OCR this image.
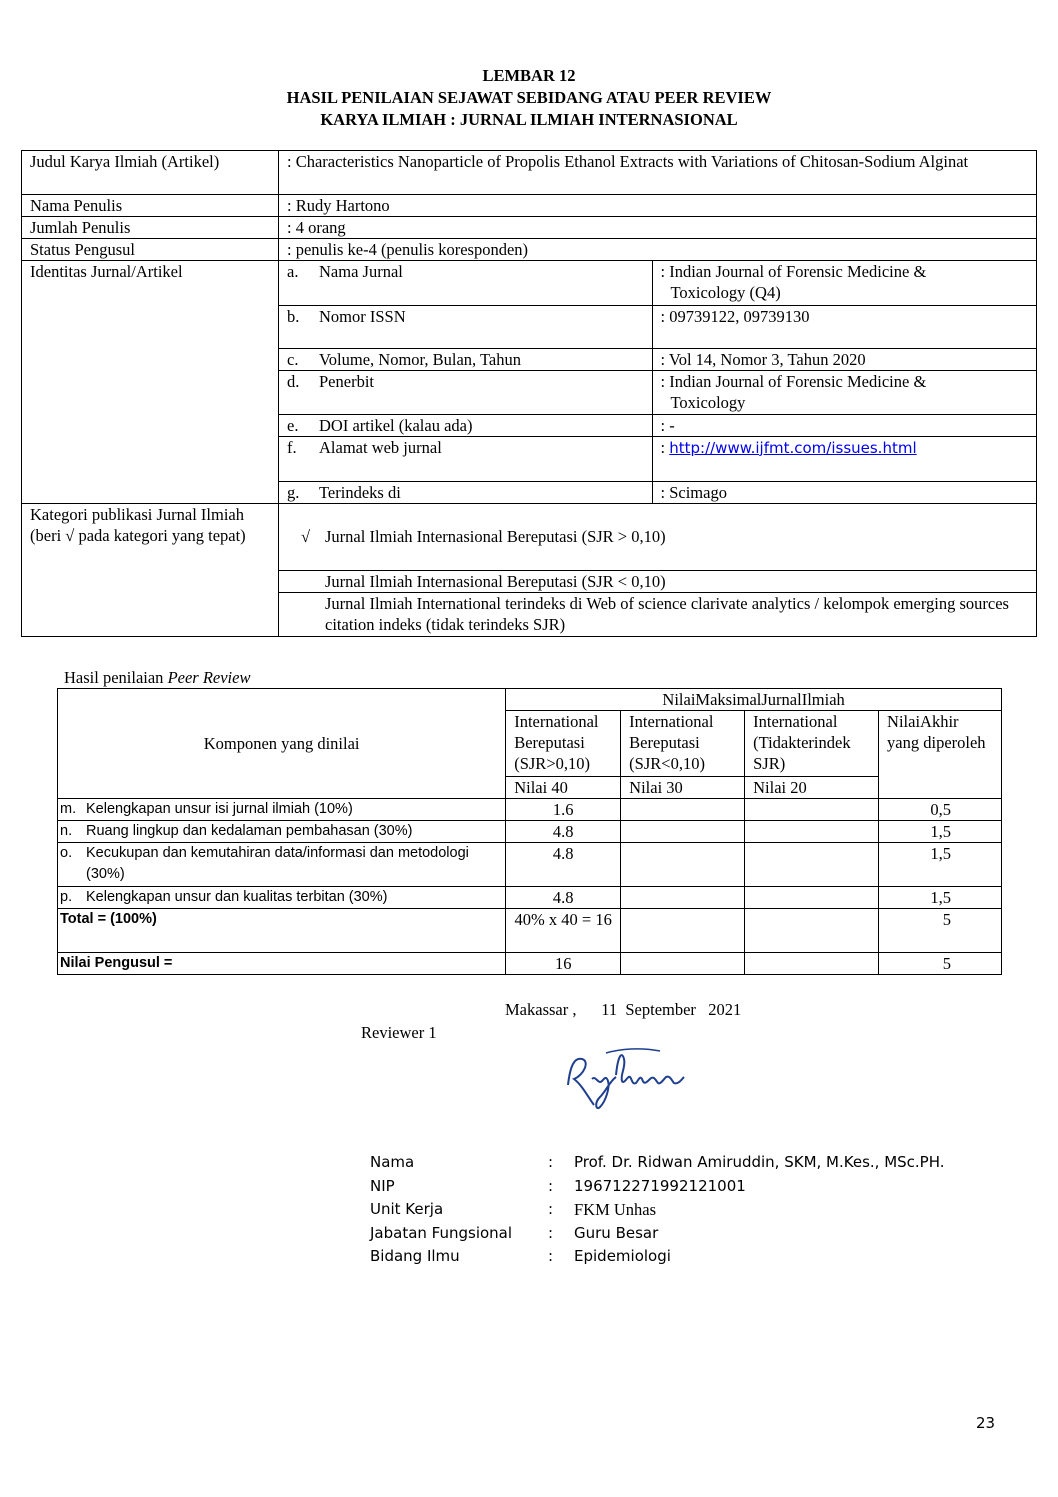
LEMBAR 12
HASIL PENILAIAN SEJAWAT SEBIDANG ATAU PEER REVIEW
KARYA ILMIAH : JURNAL ILMIAH INTERNASIONAL
Judul Karya Ilmiah (Artikel)	: Characteristics Nanoparticle of Propolis Ethanol Extracts with Variations of Chitosan-Sodium Alginat
Nama Penulis	: Rudy Hartono
Jumlah Penulis	: 4 orang
Status Pengusul	: penulis ke-4 (penulis koresponden)
Identitas Jurnal/Artikel		a. Nama Jurnal	: Indian Journal of Forensic Medicine &
Toxicology (Q4)
b. Nomor ISSN	: 09739122, 09739130
c. Volume, Nomor, Bulan, Tahun	: Vol 14, Nomor 3, Tahun 2020
d. Penerbit	: Indian Journal of Forensic Medicine &
Toxicology
e. DOI artikel (kalau ada)	: -
f. Alamat web jurnal	: http://www.ijfmt.com/issues.html
g. Terindeks di	: Scimago

Kategori publikasi Jurnal Ilmiah
(beri √ pada kategori yang tepat)
		√ Jurnal Ilmiah Internasional Bereputasi (SJR > 0,10)
Jurnal Ilmiah Internasional Bereputasi (SJR < 0,10)
Jurnal Ilmiah International terindeks di Web of science clarivate analytics / kelompok emerging sources citation indeks (tidak terindeks SJR)
Hasil penilaian Peer Review
Komponen yang dinilai	NilaiMaksimalJurnalIlmiah			
	International Bereputasi (SJR>0,10)	International Bereputasi (SJR<0,10)	International (Tidakterindek SJR)	NilaiAkhir yang diperoleh
	Nilai 40	Nilai 30	Nilai 20	
m. Kelengkapan unsur isi jurnal ilmiah (10%)	1.6			0,5
n. Ruang lingkup dan kedalaman pembahasan (30%)	4.8			1,5

o. Kecukupan dan kemutahiran data/informasi dan metodologi (30%)	4.8			1,5
p. Kelengkapan unsur dan kualitas terbitan (30%)	4.8			1,5
Total = (100%)	40% x 40 = 16			5
Nilai Pengusul =	16			5
Makassar ,      11  September   2021
Reviewer 1
Nama	:	Prof. Dr. Ridwan Amiruddin, SKM, M.Kes., MSc.PH.
NIP	:	196712271992121001
Unit Kerja	:	FKM Unhas
Jabatan Fungsional	:	Guru Besar
Bidang Ilmu	:	Epidemiologi
23
